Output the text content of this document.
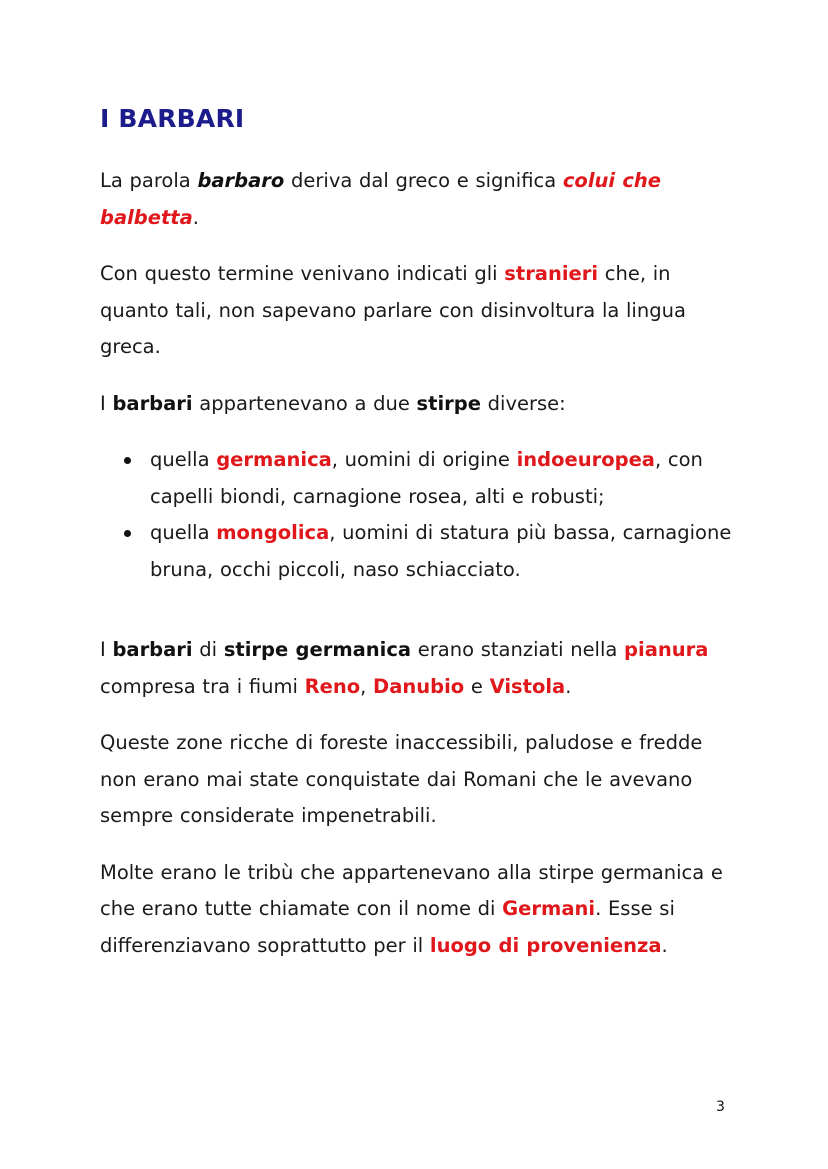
I BARBARI

La parola barbaro deriva dal greco e significa colui che balbetta.

Con questo termine venivano indicati gli stranieri che, in quanto tali, non sapevano parlare con disinvoltura la lingua greca.

I barbari appartenevano a due stirpe diverse:

quella germanica, uomini di origine indoeuropea, con capelli biondi, carnagione rosea, alti e robusti;
quella mongolica, uomini di statura più bassa, carnagione bruna, occhi piccoli, naso schiacciato.

I barbari di stirpe germanica erano stanziati nella pianura compresa tra i fiumi Reno, Danubio e Vistola.

Queste zone ricche di foreste inaccessibili, paludose e fredde non erano mai state conquistate dai Romani che le avevano sempre considerate impenetrabili.

Molte erano le tribù che appartenevano alla stirpe germanica e che erano tutte chiamate con il nome di Germani. Esse si differenziavano soprattutto per il luogo di provenienza.

3
